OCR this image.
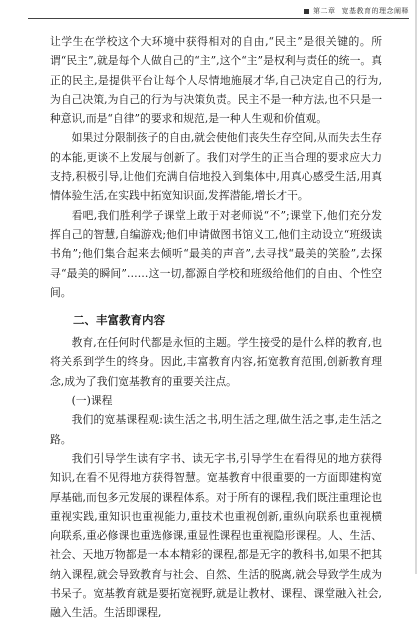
第二章 宽基教育的理念阐释

让学生在学校这个大环境中获得相对的自由,“民主”是很关键的。所谓“民主”,就是每个人做自己的“主”,这个“主”是权利与责任的统一。真正的民主,是提供平台让每个人尽情地施展才华,自己决定自己的行为,为自己决策,为自己的行为与决策负责。民主不是一种方法,也不只是一种意识,而是“自律”的要求和规范,是一种人生观和价值观。

如果过分限制孩子的自由,就会使他们丧失生存空间,从而失去生存的本能,更谈不上发展与创新了。我们对学生的正当合理的要求应大力支持,积极引导,让他们充满自信地投入到集体中,用真心感受生活,用真情体验生活,在实践中拓宽知识面,发挥潜能,增长才干。

看吧,我们胜利学子课堂上敢于对老师说“不”;课堂下,他们充分发挥自己的智慧,自编游戏;他们申请做图书馆义工,他们主动设立“班级读书角”;他们集合起来去倾听“最美的声音”,去寻找“最美的笑脸”,去探寻“最美的瞬间”……这一切,都源自学校和班级给他们的自由、个性空间。

二、丰富教育内容

教育,在任何时代都是永恒的主题。学生接受的是什么样的教育,也将关系到学生的终身。因此,丰富教育内容,拓宽教育范围,创新教育理念,成为了我们宽基教育的重要关注点。

(一)课程

我们的宽基课程观:读生活之书,明生活之理,做生活之事,走生活之路。

我们引导学生读有字书、读无字书,引导学生在看得见的地方获得知识,在看不见得地方获得智慧。宽基教育中很重要的一方面即建构宽厚基础,而包多元发展的课程体系。对于所有的课程,我们既注重理论也重视实践,重知识也重视能力,重技术也重视创新,重纵向联系也重视横向联系,重必修课也重选修课,重显性课程也重视隐形课程。人、生活、社会、天地万物都是一本本精彩的课程,都是无字的教科书,如果不把其纳入课程,就会导致教育与社会、自然、生活的脱离,就会导致学生成为书呆子。宽基教育就是要拓宽视野,就是让教材、课程、课堂融入社会,融入生活。生活即课程,
